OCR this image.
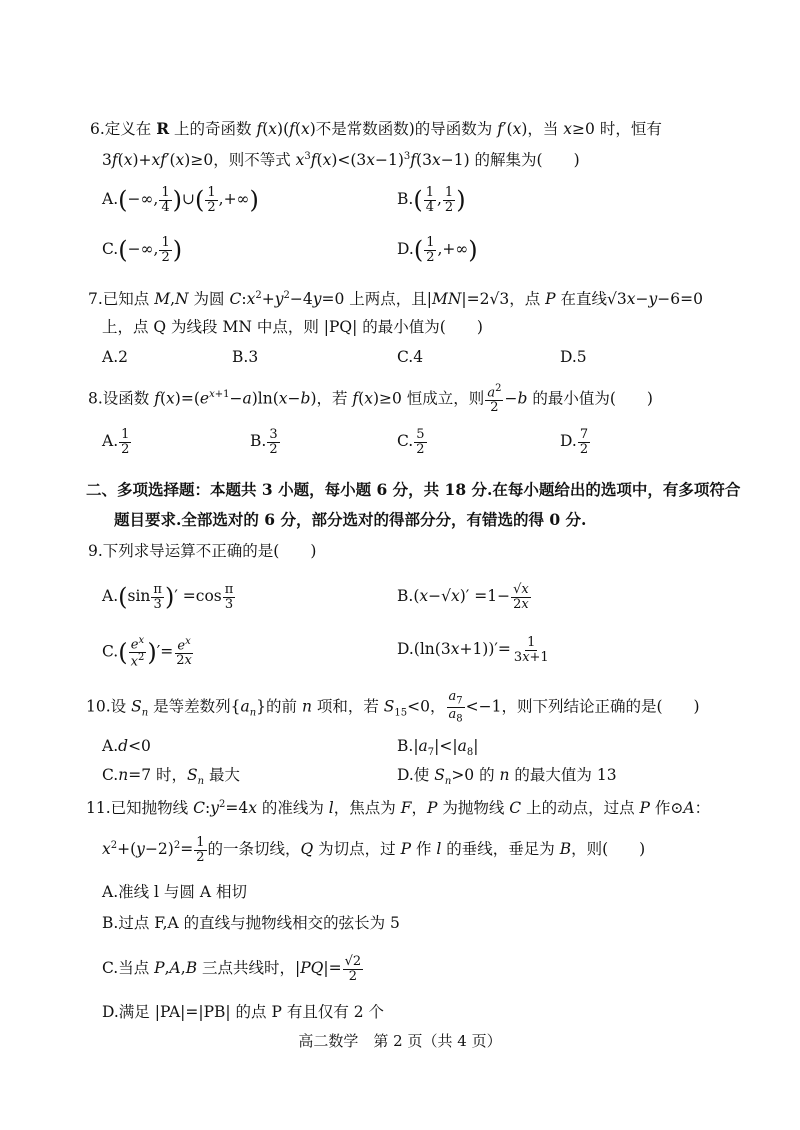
6.定义在 R 上的奇函数 f(x)(f(x)不是常数函数)的导函数为 f′(x)，当 x≥0 时，恒有
3f(x)+xf′(x)≥0，则不等式 $x^3f(x)<(3x-1)^3f(3x-1)$ 的解集为(　　)
A.(−∞, $\frac{1}{4}$ )∪( $\frac{1}{2}$ ,+∞)	$B.( \frac{1}{4}$ , $\frac{1}{2}$ )
C.(−∞, $\frac{1}{2}$ )	$D.( \frac{1}{2}$ ,+∞)
7.已知点 M,N 为圆 $C:x^2+y^2-4y=0$ 上两点，且|MN|=2√3，点 P 在直线√3x−y−6=0
上，点 Q 为线段 MN 中点，则 |PQ| 的最小值为(　　)
A.2	B.3	C.4	D.5
8.设函数 $f(x)=(e^{x+1}-a)\ln(x-b)$，若 f(x)≥0 恒成立，则 $\frac{a^2}{2} -b$ 的最小值为(　　)
A. $\frac{1}{2}$	B. $\frac{3}{2}$	C. $\frac{5}{2}$	D. $\frac{7}{2}$
二、多项选择题：本题共 3 小题，每小题 6 分，共 18 分.在每小题给出的选项中，有多项符合
题目要求.全部选对的 6 分，部分选对的得部分分，有错选的得 0 分.
9.下列求导运算不正确的是(　　)
$A.(\sin \frac{\pi}{3}$ )′ $=\cos \frac{\pi}{3}$	$B.(x-√x)' =1- \frac{√x}{2x}$
$C.( \frac{e^x}{x^2}$ )′= $\frac{e^x}{2x}$	$D.(\ln(3x+1))'= \frac{1}{3x+1}$
10.设 $S_n$ 是等差数列$\{a_n\}$的前 n 项和，若 $S_{15}<0$， $\frac{a_7}{a_8} <-1$，则下列结论正确的是(　　)
A.d<0	$B.|a_7|<|a_8|$
C.n=7 时，$S_n$ 最大	D.使 $S_n>0$ 的 n 的最大值为 13
11.已知抛物线 $C:y^2=4x$ 的准线为 l，焦点为 F，P 为抛物线 C 上的动点，过点 P 作⊙A：
$x^2+(y-2)^2= \frac{1}{2}$ 的一条切线，Q 为切点，过 P 作 l 的垂线，垂足为 B，则(　　)
A.准线 l 与圆 A 相切
B.过点 F,A 的直线与抛物线相交的弦长为 5
C.当点 P,A,B 三点共线时，$|PQ|= \frac{√2}{2}$
D.满足 |PA|=|PB| 的点 P 有且仅有 2 个
高二数学　第 2 页（共 4 页）
